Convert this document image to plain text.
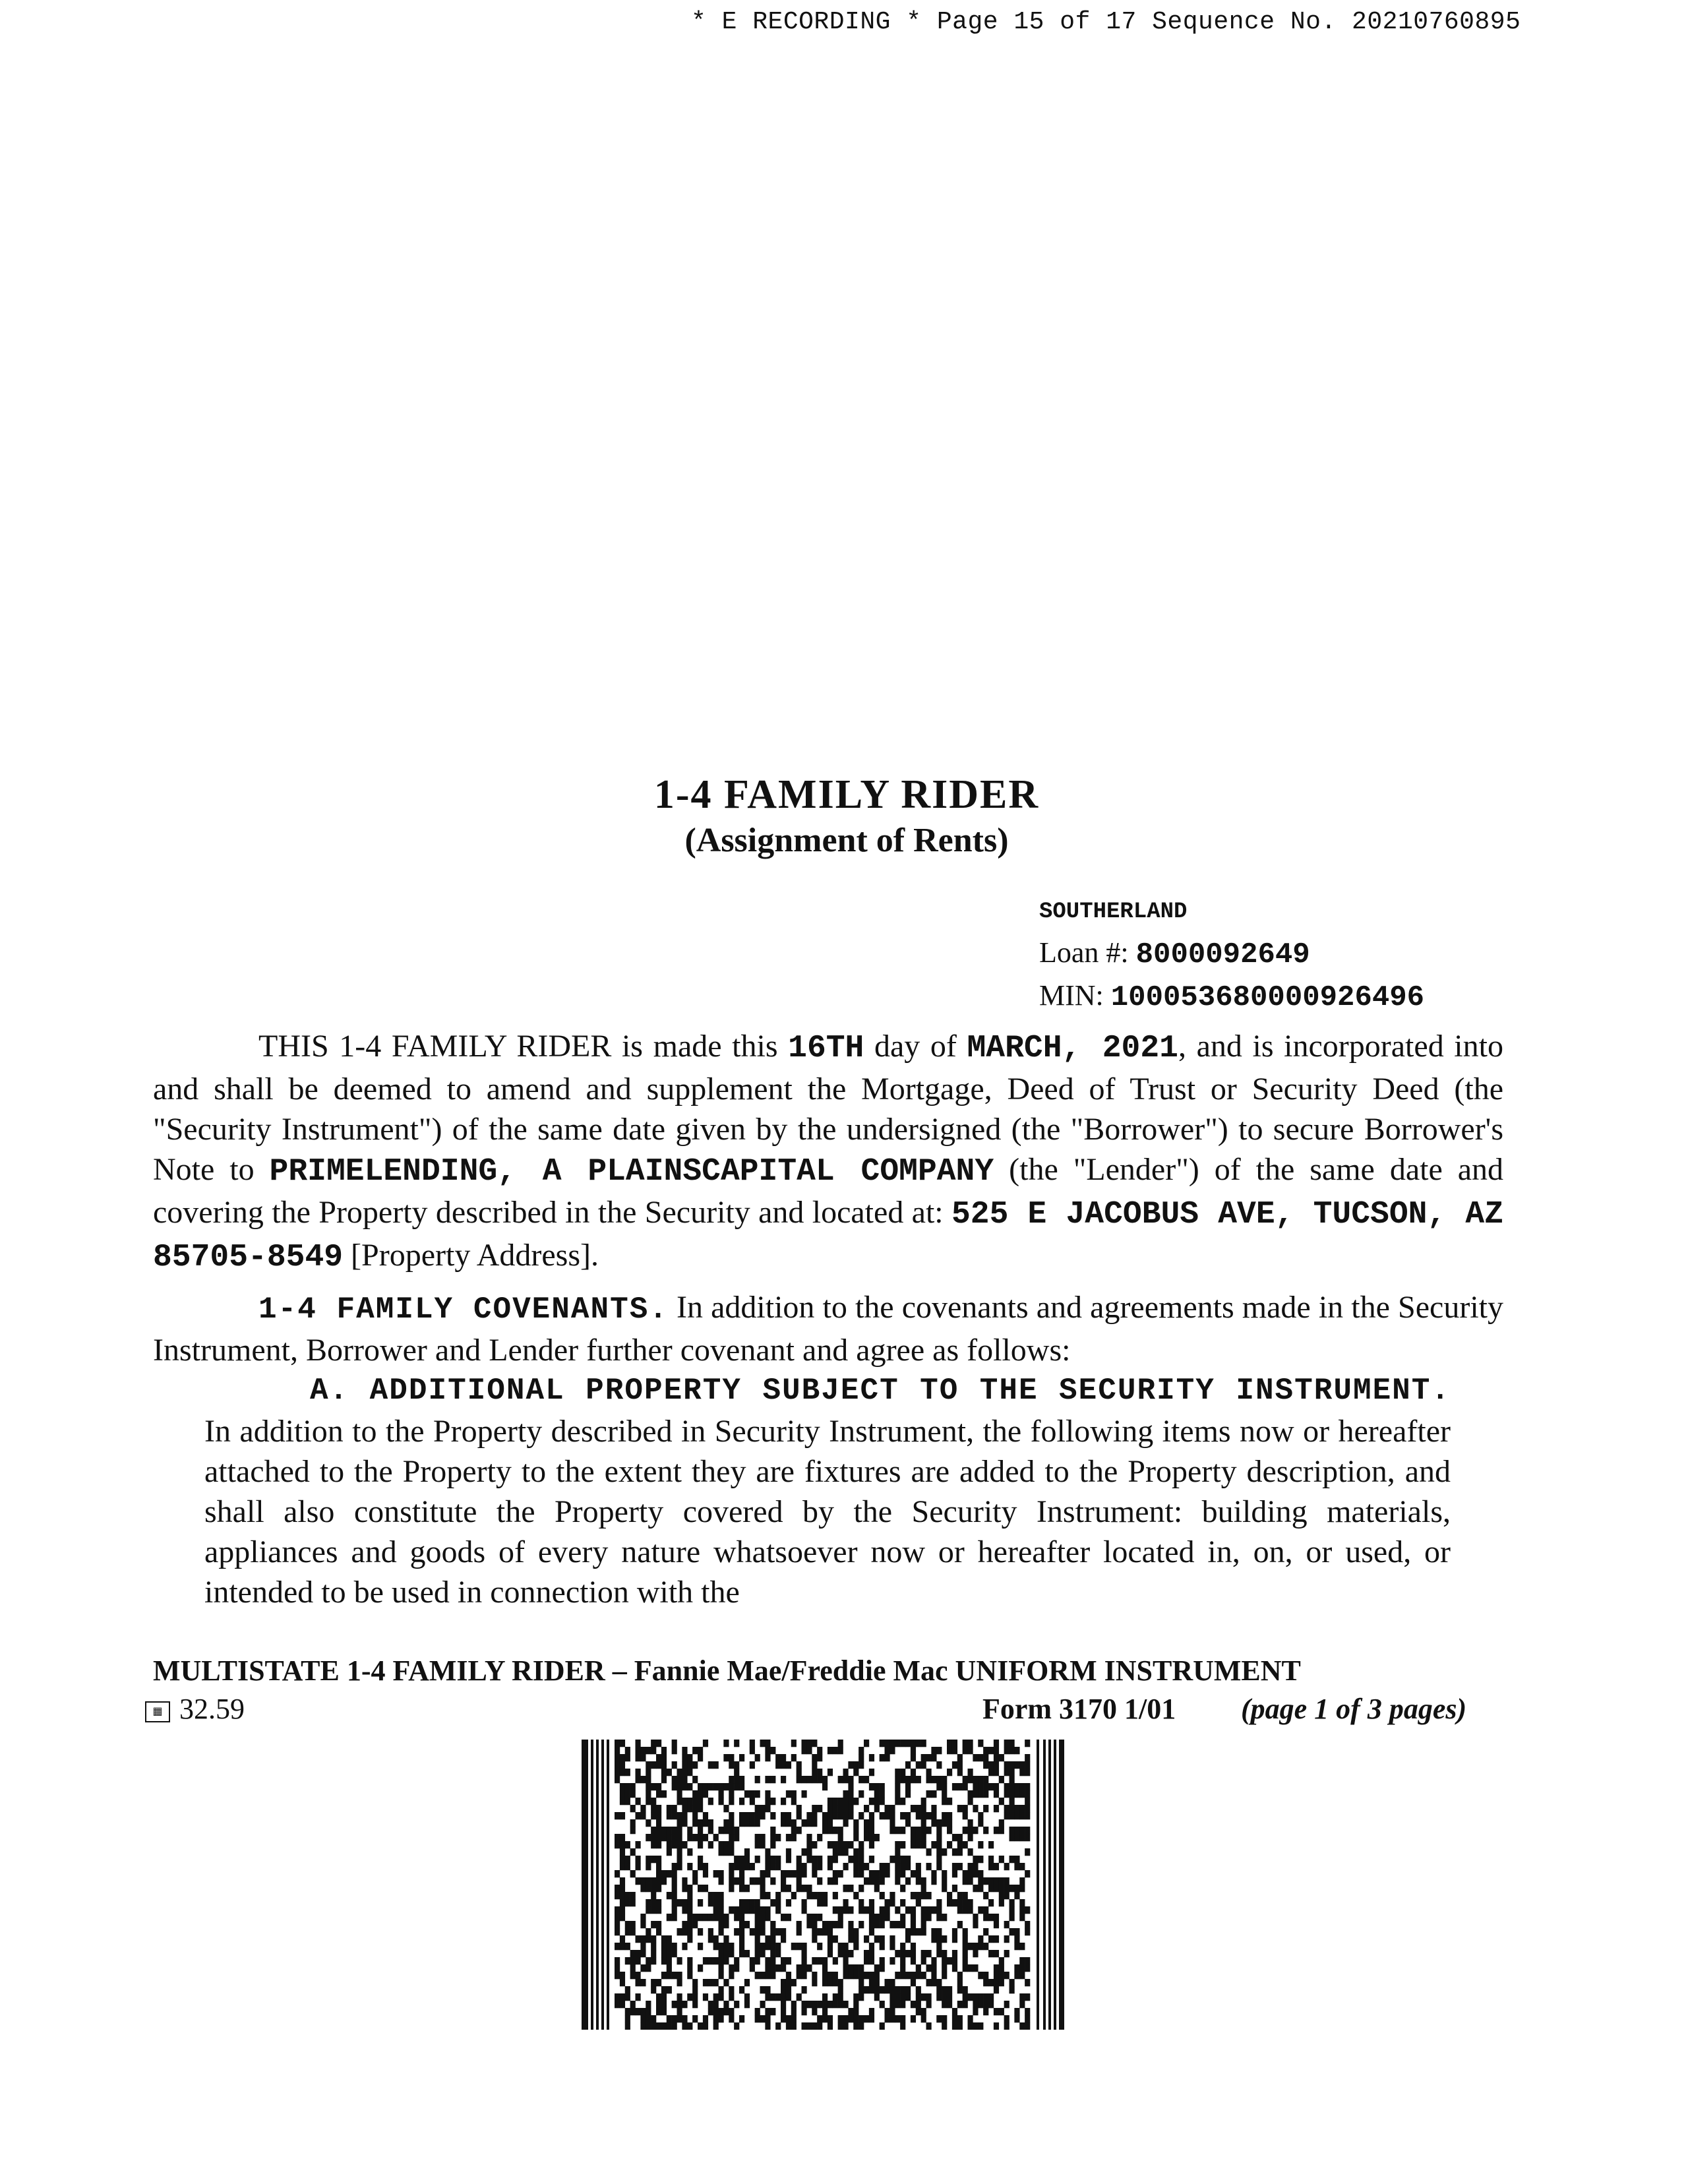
* E RECORDING * Page 15 of 17 Sequence No. 20210760895
1-4 FAMILY RIDER
(Assignment of Rents)
SOUTHERLAND
Loan #: 8000092649
MIN: 100053680000926496
THIS 1-4 FAMILY RIDER is made this 16TH day of MARCH, 2021, and is incorporated into and shall be deemed to amend and supplement the Mortgage, Deed of Trust or Security Deed (the "Security Instrument") of the same date given by the undersigned (the "Borrower") to secure Borrower's Note to PRIMELENDING, A PLAINSCAPITAL COMPANY (the "Lender") of the same date and covering the Property described in the Security and located at: 525 E JACOBUS AVE, TUCSON, AZ 85705-8549 [Property Address].
1-4 FAMILY COVENANTS. In addition to the covenants and agreements made in the Security Instrument, Borrower and Lender further covenant and agree as follows:
A. ADDITIONAL PROPERTY SUBJECT TO THE SECURITY INSTRUMENT. In addition to the Property described in Security Instrument, the following items now or hereafter attached to the Property to the extent they are fixtures are added to the Property description, and shall also constitute the Property covered by the Security Instrument: building materials, appliances and goods of every nature whatsoever now or hereafter located in, on, or used, or intended to be used in connection with the
MULTISTATE 1-4 FAMILY RIDER – Fannie Mae/Freddie Mac UNIFORM INSTRUMENT
▦ 32.59	Form 3170 1/01 (page 1 of 3 pages)
